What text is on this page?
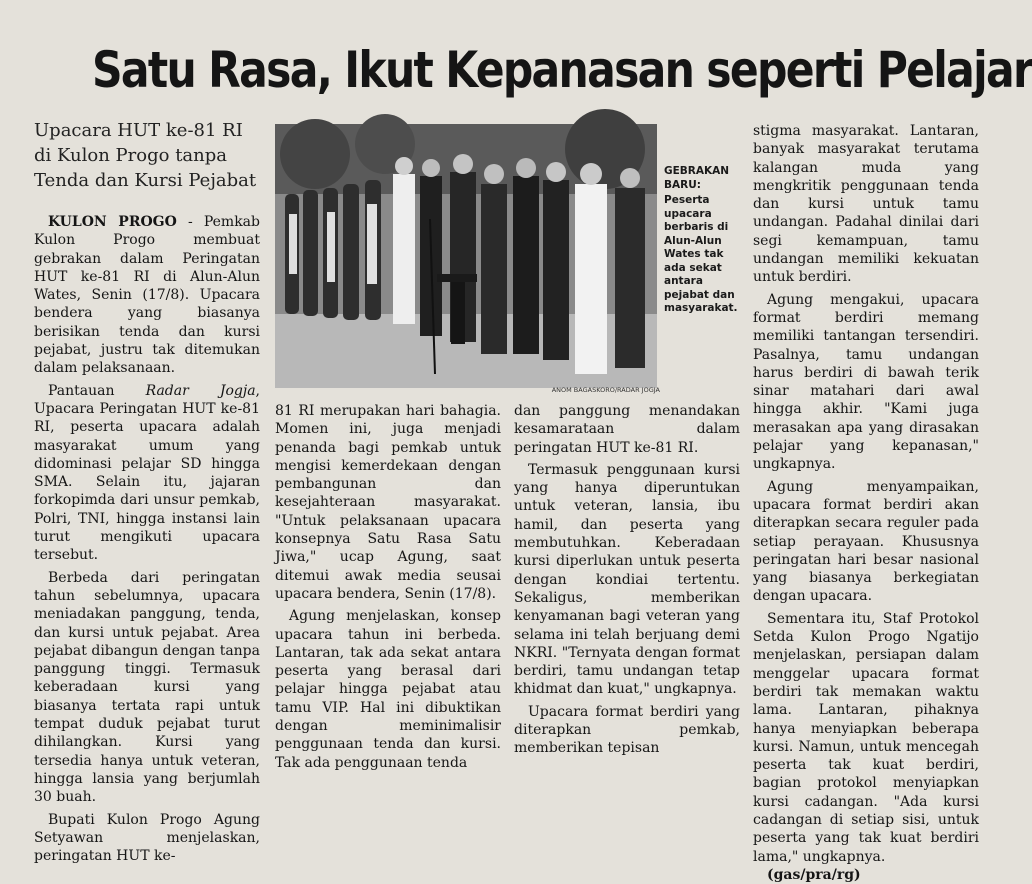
Satu Rasa, Ikut Kepanasan seperti Pelajar

Upacara HUT ke-81 RI di Kulon Progo tanpa Tenda dan Kursi Pejabat

KULON PROGO - Pemkab Kulon Progo membuat gebrakan dalam Peringatan HUT ke-81 RI di Alun-Alun Wates, Senin (17/8). Upacara bendera yang biasanya berisikan tenda dan kursi pejabat, justru tak ditemukan dalam pelaksanaan.

Pantauan Radar Jogja, Upacara Peringatan HUT ke-81 RI, peserta upacara adalah masyarakat umum yang didominasi pelajar SD hingga SMA. Selain itu, jajaran forkopimda dari unsur pemkab, Polri, TNI, hingga instansi lain turut mengikuti upacara tersebut.

Berbeda dari peringatan tahun sebelumnya, upacara meniadakan panggung, tenda, dan kursi untuk pejabat. Area pejabat dibangun dengan tanpa panggung tinggi. Termasuk keberadaan kursi yang biasanya tertata rapi untuk tempat duduk pejabat turut dihilangkan. Kursi yang tersedia hanya untuk veteran, hingga lansia yang berjumlah 30 buah.

Bupati Kulon Progo Agung Setyawan menjelaskan, peringatan HUT ke-

ANOM BAGASKORO/RADAR JOGJA
GEBRAKAN BARU:
Peserta upacara berbaris di Alun-Alun Wates tak ada sekat antara pejabat dan masyarakat.

81 RI merupakan hari bahagia. Momen ini, juga menjadi penanda bagi pemkab untuk mengisi kemerdekaan dengan pembangunan dan kesejahteraan masyarakat. "Untuk pelaksanaan upacara konsepnya Satu Rasa Satu Jiwa," ucap Agung, saat ditemui awak media seusai upacara bendera, Senin (17/8).

Agung menjelaskan, konsep upacara tahun ini berbeda. Lantaran, tak ada sekat antara peserta yang berasal dari pelajar hingga pejabat atau tamu VIP. Hal ini dibuktikan dengan meminimalisir penggunaan tenda dan kursi. Tak ada penggunaan tenda

dan panggung menandakan kesamarataan dalam peringatan HUT ke-81 RI.

Termasuk penggunaan kursi yang hanya diperuntukan untuk veteran, lansia, ibu hamil, dan peserta yang membutuhkan. Keberadaan kursi diperlukan untuk peserta dengan kondiai tertentu. Sekaligus, memberikan kenyamanan bagi veteran yang selama ini telah berjuang demi NKRI. "Ternyata dengan format berdiri, tamu undangan tetap khidmat dan kuat," ungkapnya.

Upacara format berdiri yang diterapkan pemkab, memberikan tepisan

stigma masyarakat. Lantaran, banyak masyarakat terutama kalangan muda yang mengkritik penggunaan tenda dan kursi untuk tamu undangan. Padahal dinilai dari segi kemampuan, tamu undangan memiliki kekuatan untuk berdiri.

Agung mengakui, upacara format berdiri memang memiliki tantangan tersendiri. Pasalnya, tamu undangan harus berdiri di bawah terik sinar matahari dari awal hingga akhir. "Kami juga merasakan apa yang dirasakan pelajar yang kepanasan," ungkapnya.

Agung menyampaikan, upacara format berdiri akan diterapkan secara reguler pada setiap perayaan. Khususnya peringatan hari besar nasional yang biasanya berkegiatan dengan upacara.

Sementara itu, Staf Protokol Setda Kulon Progo Ngatijo menjelaskan, persiapan dalam menggelar upacara format berdiri tak memakan waktu lama. Lantaran, pihaknya hanya menyiapkan beberapa kursi. Namun, untuk mencegah peserta tak kuat berdiri, bagian protokol menyiapkan kursi cadangan. "Ada kursi cadangan di setiap sisi, untuk peserta yang tak kuat berdiri lama," ungkapnya.

(gas/pra/rg)
